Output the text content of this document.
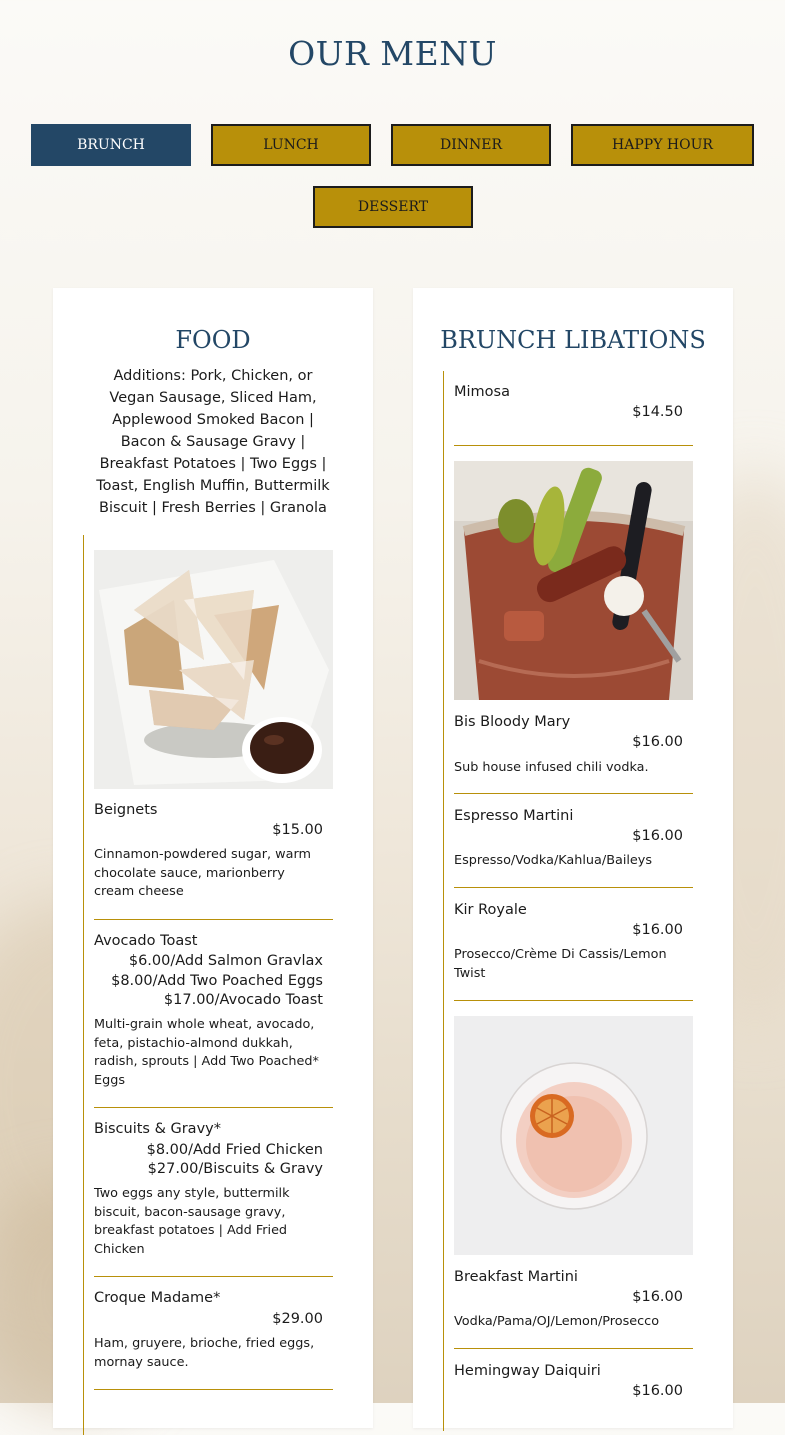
OUR MENU
BRUNCH	LUNCH	DINNER	HAPPY HOUR
DESSERT
FOOD
Additions: Pork, Chicken, or Vegan Sausage, Sliced Ham, Applewood Smoked Bacon | Bacon & Sausage Gravy | Breakfast Potatoes | Two Eggs | Toast, English Muffin, Buttermilk Biscuit | Fresh Berries | Granola
Beignets
$15.00
Cinnamon-powdered sugar, warm chocolate sauce, marionberry cream cheese
Avocado Toast
$6.00/Add Salmon Gravlax
$8.00/Add Two Poached Eggs
$17.00/Avocado Toast
Multi-grain whole wheat, avocado, feta, pistachio-almond dukkah, radish, sprouts | Add Two Poached* Eggs
Biscuits & Gravy*
$8.00/Add Fried Chicken
$27.00/Biscuits & Gravy
Two eggs any style, buttermilk biscuit, bacon-sausage gravy, breakfast potatoes | Add Fried Chicken
Croque Madame*
$29.00
Ham, gruyere, brioche, fried eggs, mornay sauce.
BRUNCH LIBATIONS
Mimosa
$14.50
Bis Bloody Mary
$16.00
Sub house infused chili vodka.
Espresso Martini
$16.00
Espresso/Vodka/Kahlua/Baileys
Kir Royale
$16.00
Prosecco/Crème Di Cassis/Lemon Twist
Breakfast Martini
$16.00
Vodka/Pama/OJ/Lemon/Prosecco
Hemingway Daiquiri
$16.00
